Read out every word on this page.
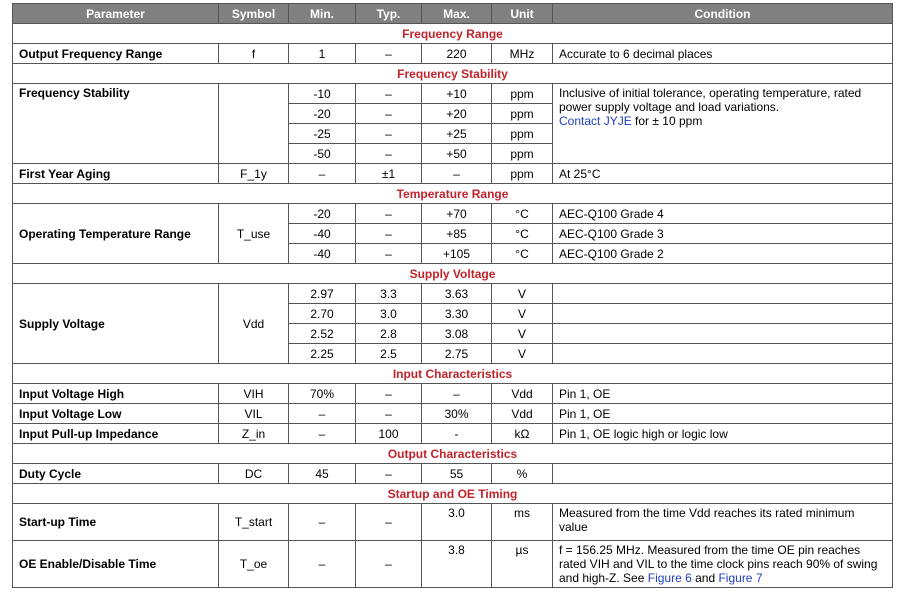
Parameter	Symbol	Min.	Typ.	Max.	Unit	Condition
Frequency Range						
Output Frequency Range	f	1	–	220	MHz	Accurate to 6 decimal places
Frequency Stability						
Frequency Stability		-10	–	+10	ppm	Inclusive of initial tolerance, operating temperature, rated power supply voltage and load variations.
Contact JYJE for ± 10 ppm
		-20	–	+20	ppm	
		-25	–	+25	ppm	
		-50	–	+50	ppm	
First Year Aging	F_1y	–	±1	–	ppm	At 25°C
Temperature Range						
Operating Temperature Range	T_use	-20	–	+70	°C	AEC-Q100 Grade 4
		-40	–	+85	°C	AEC-Q100 Grade 3
		-40	–	+105	°C	AEC-Q100 Grade 2
Supply Voltage						
Supply Voltage	Vdd	2.97	3.3	3.63	V	
		2.70	3.0	3.30	V	
		2.52	2.8	3.08	V	
		2.25	2.5	2.75	V	
Input Characteristics						
Input Voltage High	VIH	70%	–	–	Vdd	Pin 1, OE
Input Voltage Low	VIL	–	–	30%	Vdd	Pin 1, OE
Input Pull-up Impedance	Z_in	–	100	-	kΩ	Pin 1, OE logic high or logic low
Output Characteristics						
Duty Cycle	DC	45	–	55	%	
Startup and OE Timing						
Start-up Time	T_start	–	–	3.0	ms	Measured from the time Vdd reaches its rated minimum value
OE Enable/Disable Time	T_oe	–	–	3.8	µs	f = 156.25 MHz. Measured from the time OE pin reaches rated VIH and VIL to the time clock pins reach 90% of swing and high-Z. See Figure 6 and Figure 7
